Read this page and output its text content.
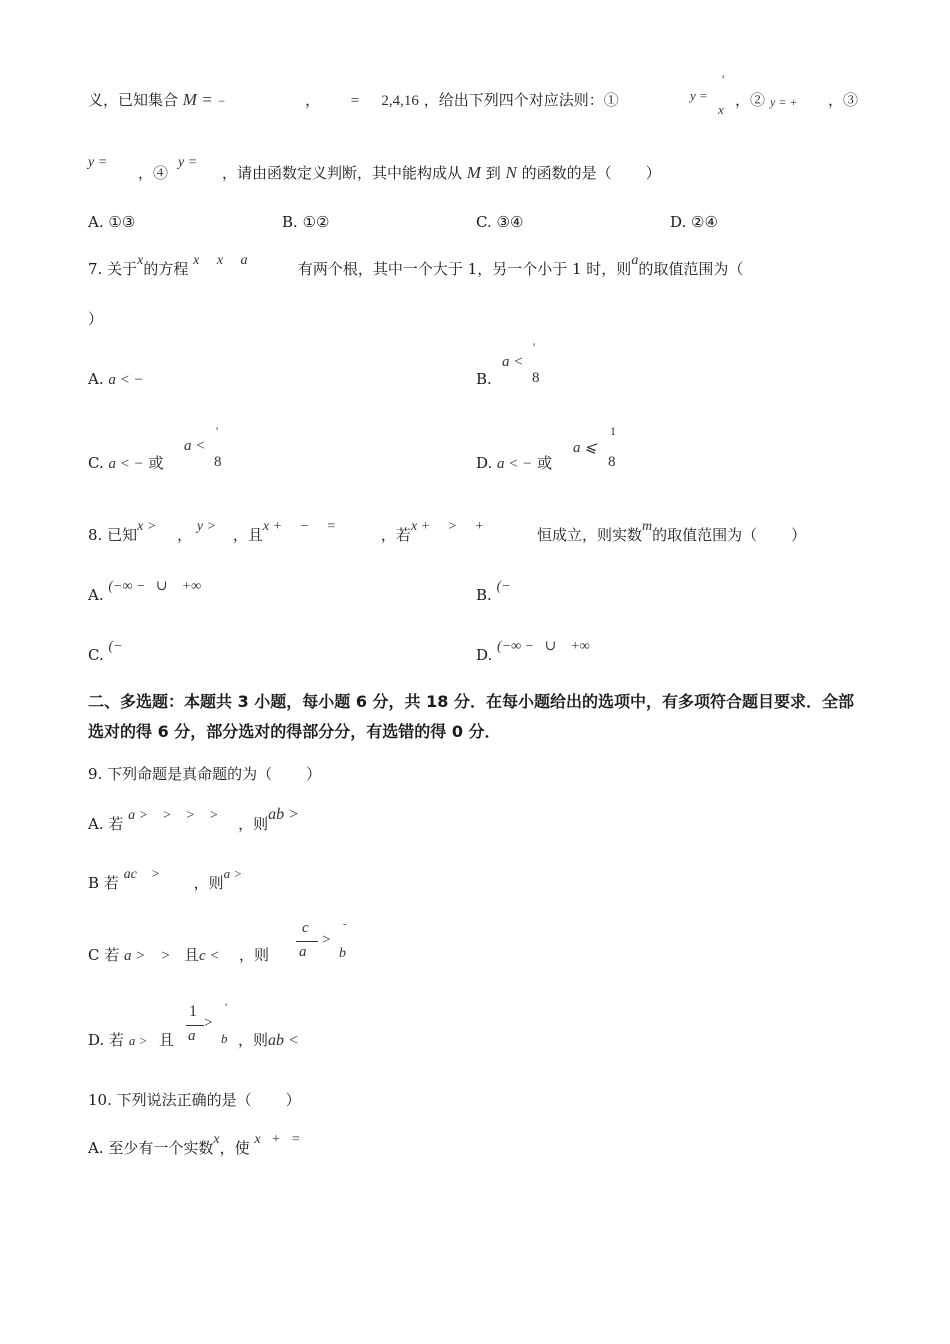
义，已知集合 M = −	， = 2,4,16 ，给出下列四个对应法则：①	y =
'
x
，② y = + ，③
y =
，④
y =
，请由函数定义判断，其中能构成从 M 到 N 的函数的是（ ）
A. ①③	B. ①②	C. ③④	D. ②④
7. 关于x的方程 x     x     a	有两个根，其中一个大于 1，另一个小于 1 时，则a的取值范围为（
）
A. a < −	B.
a <
'
8
C. a < − 或
a <
'
8	D. a < − 或
a ⩽
1
8
8. 已知x > ， y > ，且x +     −     =	，若x +     >     +	恒成立，则实数m的取值范围为（ ）
A. (−∞ −   ∪    +∞	B. (−
C. (−	D. (−∞ −   ∪    +∞
二、多选题：本题共 3 小题，每小题 6 分，共 18 分．在每小题给出的选项中，有多项符合题目要求．全部选对的得 6 分，部分选对的得部分分，有选错的得 0 分．
9. 下列命题是真命题的为（ ）
A. 若 a >    >    >    > ，则ab >
B 若 ac    > ，则a >
C 若 a >    > 且c < ，则
c
a
>
-
b
D. 若 a > 且
1
a
>
'
b ，则ab <
10. 下列说法正确的是（ ）
A. 至少有一个实数x，使 x   +   =
